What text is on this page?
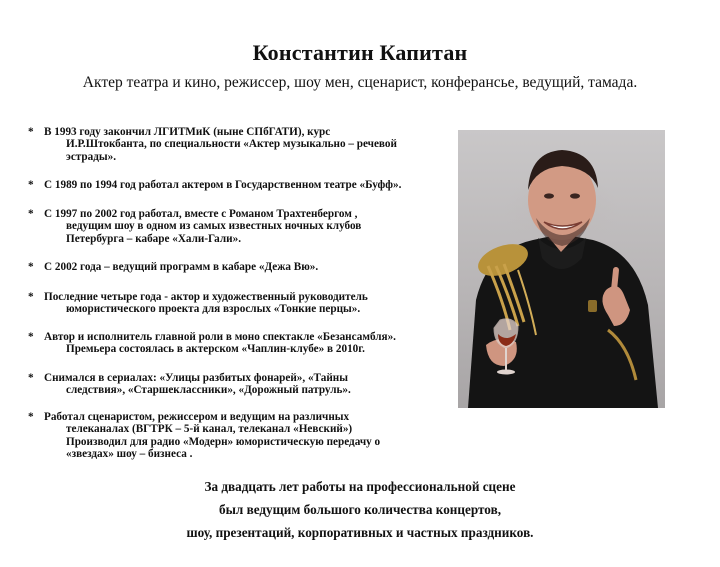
Константин Капитан
Актер театра и кино, режиссер, шоу мен, сценарист, конферансье, ведущий, тамада.
* В 1993 году закончил ЛГИТМиК (ныне СПбГАТИ), курс
И.Р.Штокбанта, по специальности «Актер музыкально – речевой
эстрады».
* С 1989 по 1994 год работал актером в Государственном театре «Буфф».
* С 1997 по 2002 год работал, вместе с Романом Трахтенбергом ,
ведущим шоу в одном из самых известных ночных клубов
Петербурга – кабаре «Хали-Гали».
* С 2002 года – ведущий программ в кабаре «Дежа Вю».
* Последние четыре года - актор и художественный руководитель
юмористического проекта для взрослых «Тонкие перцы».
* Автор и исполнитель главной роли в моно спектакле «Безансамбля».
Премьера состоялась в актерском «Чаплин-клубе» в 2010г.
* Снимался в сериалах: «Улицы разбитых фонарей», «Тайны
следствия», «Старшеклассники», «Дорожный патруль».
* Работал сценаристом, режиссером и ведущим на различных
телеканалах (ВГТРК – 5-й канал, телеканал «Невский»)
Производил для радио «Модерн» юмористическую передачу о
«звездах» шоу – бизнеса .
За двадцать лет работы на профессиональной сцене
был ведущим большого количества концертов,
шоу, презентаций, корпоративных и частных праздников.
